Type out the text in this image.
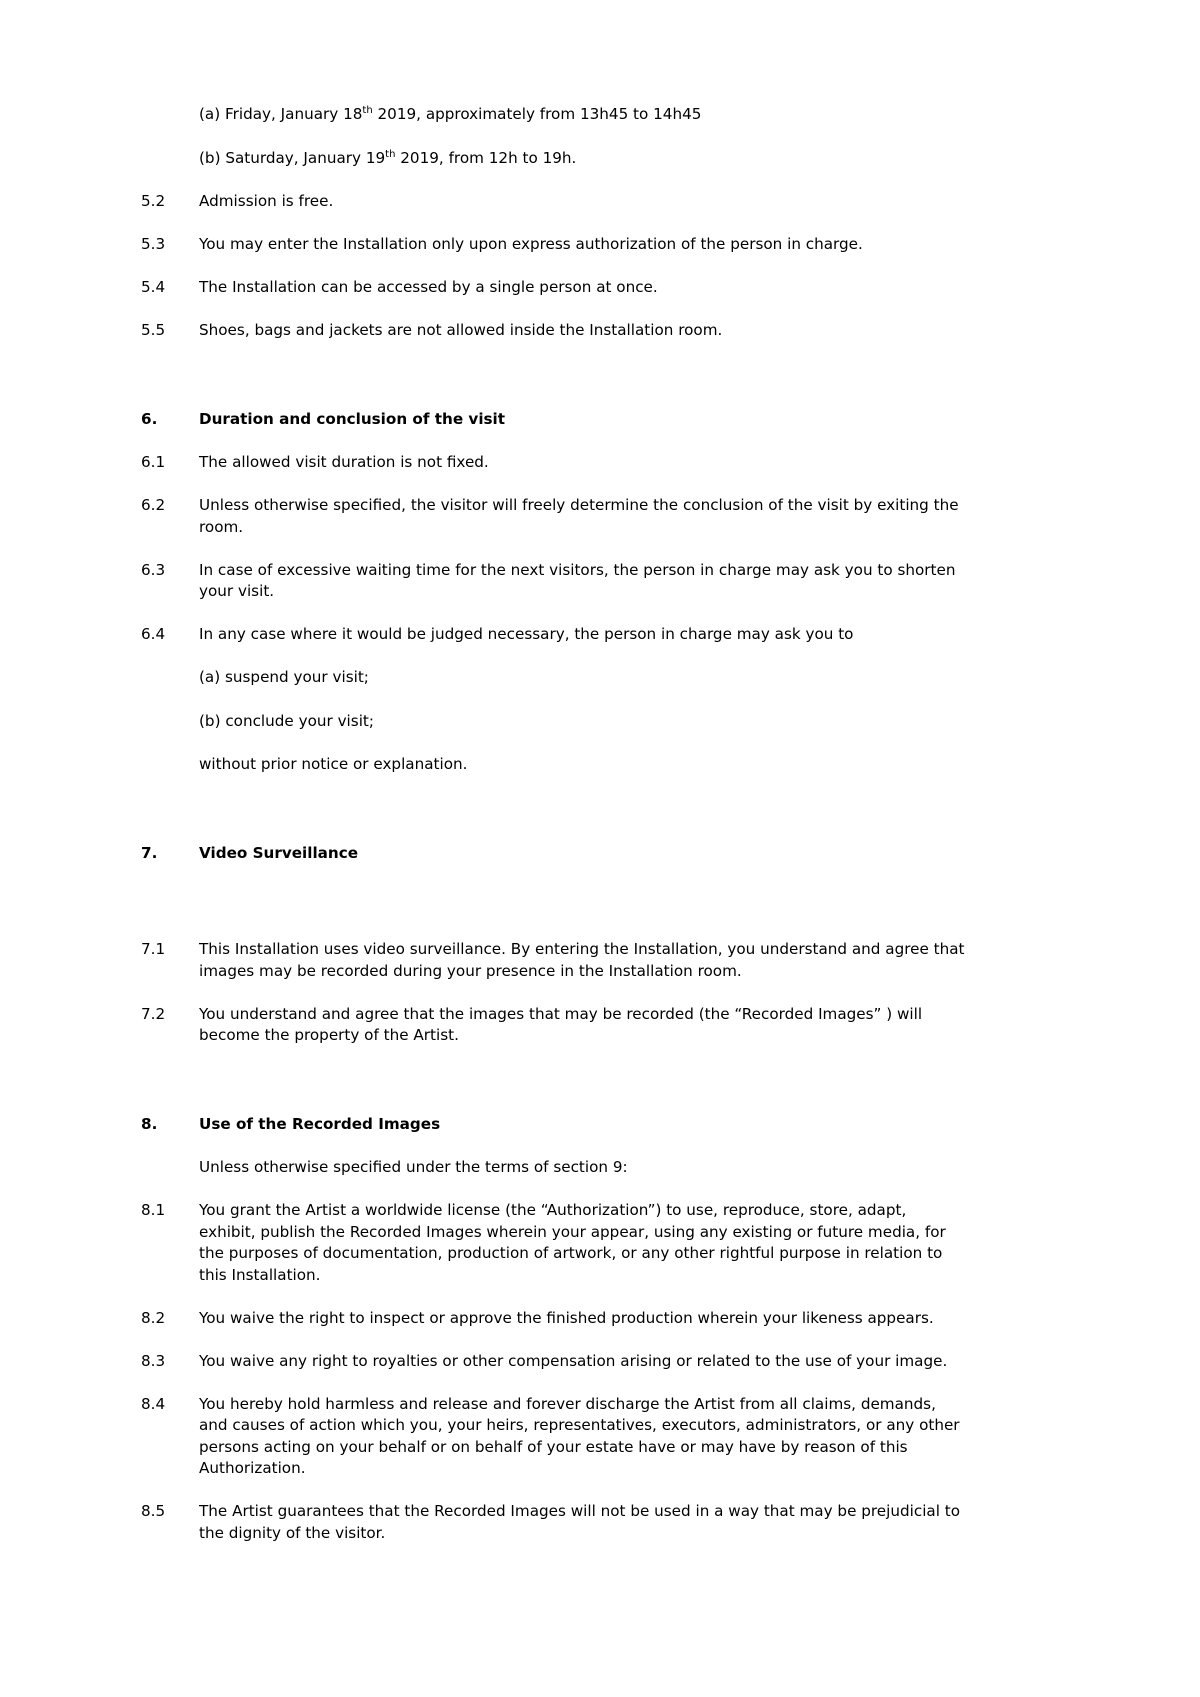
(a) Friday, January 18th 2019, approximately from 13h45 to 14h45
(b) Saturday, January 19th 2019, from 12h to 19h.
5.2	Admission is free.
5.3	You may enter the Installation only upon express authorization of the person in charge.
5.4	The Installation can be accessed by a single person at once.
5.5	Shoes, bags and jackets are not allowed inside the Installation room.
6.	Duration and conclusion of the visit
6.1	The allowed visit duration is not fixed.
6.2	Unless otherwise specified, the visitor will freely determine the conclusion of the visit by exiting the room.
6.3	In case of excessive waiting time for the next visitors, the person in charge may ask you to shorten your visit.
6.4	In any case where it would be judged necessary, the person in charge may ask you to
(a) suspend your visit;
(b) conclude your visit;
without prior notice or explanation.
7.	Video Surveillance
7.1	This Installation uses video surveillance. By entering the Installation, you understand and agree that images may be recorded during your presence in the Installation room.
7.2	You understand and agree that the images that may be recorded (the “Recorded Images” ) will become the property of the Artist.
8.	Use of the Recorded Images
Unless otherwise specified under the terms of section 9:
8.1	You grant the Artist a worldwide license (the “Authorization”) to use, reproduce, store, adapt, exhibit, publish the Recorded Images wherein your appear, using any existing or future media, for the purposes of documentation, production of artwork, or any other rightful purpose in relation to this Installation.
8.2	You waive the right to inspect or approve the finished production wherein your likeness appears.
8.3	You waive any right to royalties or other compensation arising or related to the use of your image.
8.4	You hereby hold harmless and release and forever discharge the Artist from all claims, demands, and causes of action which you, your heirs, representatives, executors, administrators, or any other persons acting on your behalf or on behalf of your estate have or may have by reason of this Authorization.
8.5	The Artist guarantees that the Recorded Images will not be used in a way that may be prejudicial to the dignity of the visitor.
